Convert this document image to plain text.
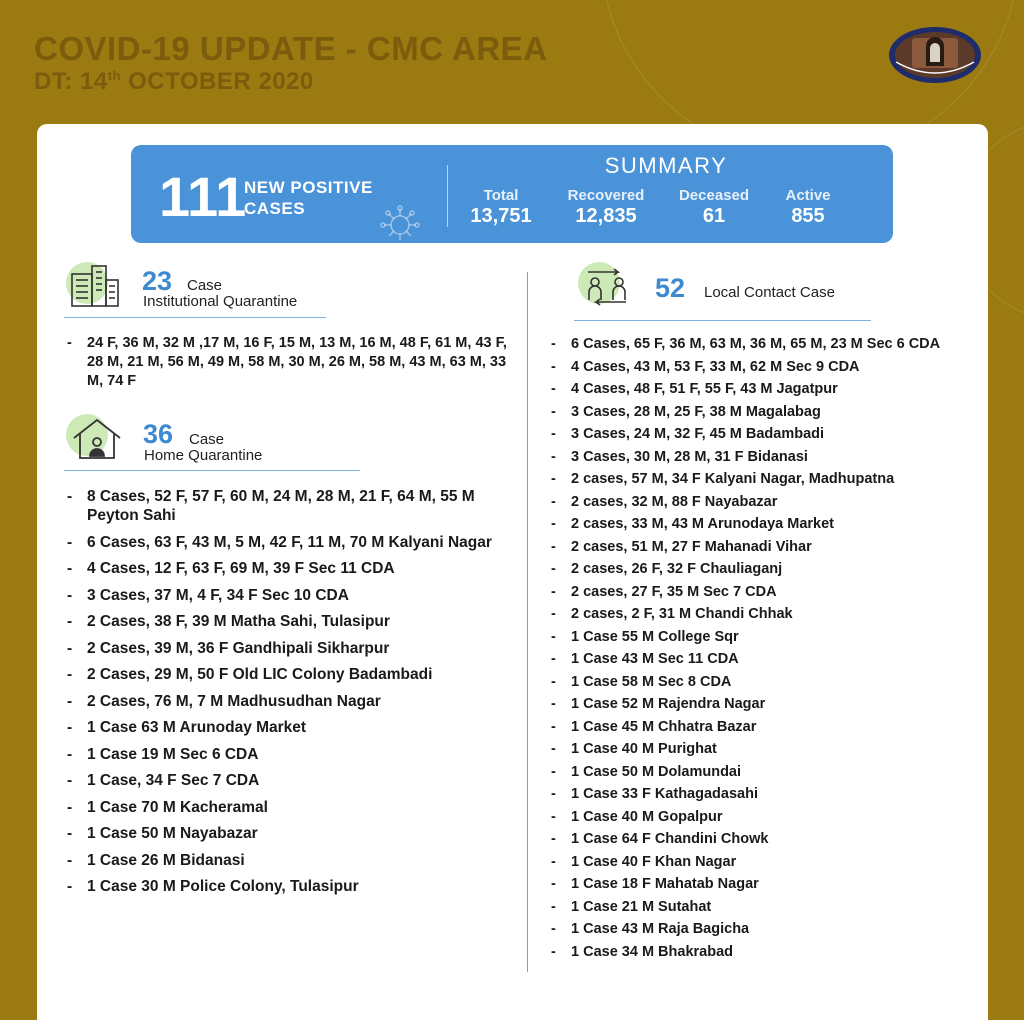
COVID-19 UPDATE - CMC AREA
DT: 14th OCTOBER 2020
111
NEW POSITIVE
CASES
SUMMARY
Total
13,751
Recovered
12,835
Deceased
61
Active
855
23 Case
Institutional Quarantine
- 24 F, 36 M, 32 M ,17 M, 16 F, 15 M, 13 M, 16 M, 48 F, 61 M, 43 F, 28 M, 21 M, 56 M, 49 M, 58 M, 30 M, 26 M, 58 M, 43 M, 63 M, 33 M, 74 F
36 Case
Home Quarantine
- 8 Cases, 52 F, 57 F, 60 M, 24 M, 28 M, 21 F, 64 M, 55 M Peyton Sahi
- 6 Cases, 63 F, 43 M, 5 M, 42 F, 11 M, 70 M Kalyani Nagar
- 4 Cases, 12 F, 63 F, 69 M, 39 F Sec 11 CDA
- 3 Cases, 37 M, 4 F, 34 F Sec 10 CDA
- 2 Cases, 38 F, 39 M Matha Sahi, Tulasipur
- 2 Cases, 39 M, 36 F Gandhipali Sikharpur
- 2 Cases, 29 M, 50 F Old LIC Colony Badambadi
- 2 Cases, 76 M, 7 M Madhusudhan Nagar
- 1 Case 63 M Arunoday Market
- 1 Case 19 M Sec 6 CDA
- 1 Case, 34 F Sec 7 CDA
- 1 Case 70 M Kacheramal
- 1 Case 50 M Nayabazar
- 1 Case 26 M Bidanasi
- 1 Case 30 M Police Colony, Tulasipur
52 Local Contact Case
- 6 Cases, 65 F, 36 M, 63 M, 36 M, 65 M, 23 M Sec 6 CDA
- 4 Cases, 43 M, 53 F, 33 M, 62 M Sec 9 CDA
- 4 Cases, 48 F, 51 F, 55 F, 43 M Jagatpur
- 3 Cases, 28 M, 25 F, 38 M Magalabag
- 3 Cases, 24 M, 32 F, 45 M Badambadi
- 3 Cases, 30 M, 28 M, 31 F Bidanasi
- 2 cases, 57 M, 34 F Kalyani Nagar, Madhupatna
- 2 cases, 32 M, 88 F Nayabazar
- 2 cases, 33 M, 43 M Arunodaya Market
- 2 cases, 51 M, 27 F Mahanadi Vihar
- 2 cases, 26 F, 32 F Chauliaganj
- 2 cases, 27 F, 35 M Sec 7 CDA
- 2 cases, 2 F, 31 M Chandi Chhak
- 1 Case 55 M College Sqr
- 1 Case 43 M Sec 11 CDA
- 1 Case 58 M Sec 8 CDA
- 1 Case 52 M Rajendra Nagar
- 1 Case 45 M Chhatra Bazar
- 1 Case 40 M Purighat
- 1 Case 50 M Dolamundai
- 1 Case 33 F Kathagadasahi
- 1 Case 40 M Gopalpur
- 1 Case 64 F Chandini Chowk
- 1 Case 40 F Khan Nagar
- 1 Case 18 F Mahatab Nagar
- 1 Case 21 M Sutahat
- 1 Case 43 M Raja Bagicha
- 1 Case 34 M Bhakrabad
